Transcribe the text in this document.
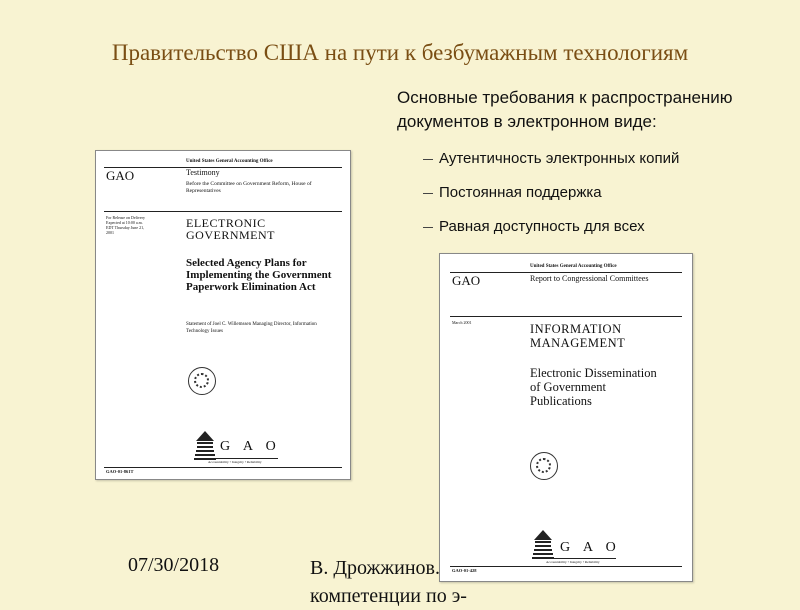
Правительство США на пути к безбумажным технологиям
Основные требования к распространению документов в электронном виде:
Аутентичность электронных копий
Постоянная поддержка
Равная доступность для всех
United States General Accounting Office
GAO	Testimony
Before the Committee on Government Reform, House of Representatives
For Release on Delivery Expected at 10:00 a.m. EDT Thursday June 21, 2001
ELECTRONIC GOVERNMENT
Selected Agency Plans for Implementing the Government Paperwork Elimination Act
Statement of Joel C. Willemssen Managing Director, Information Technology Issues
G A O
Accountability • Integrity • Reliability
GAO-01-861T
United States General Accounting Office
GAO	Report to Congressional Committees
March 2001	INFORMATION MANAGEMENT
Electronic Dissemination of Government Publications
G A O
Accountability • Integrity • Reliability
GAO-01-428
07/30/2018	В. Дрожжинов.
компетенции по э-
